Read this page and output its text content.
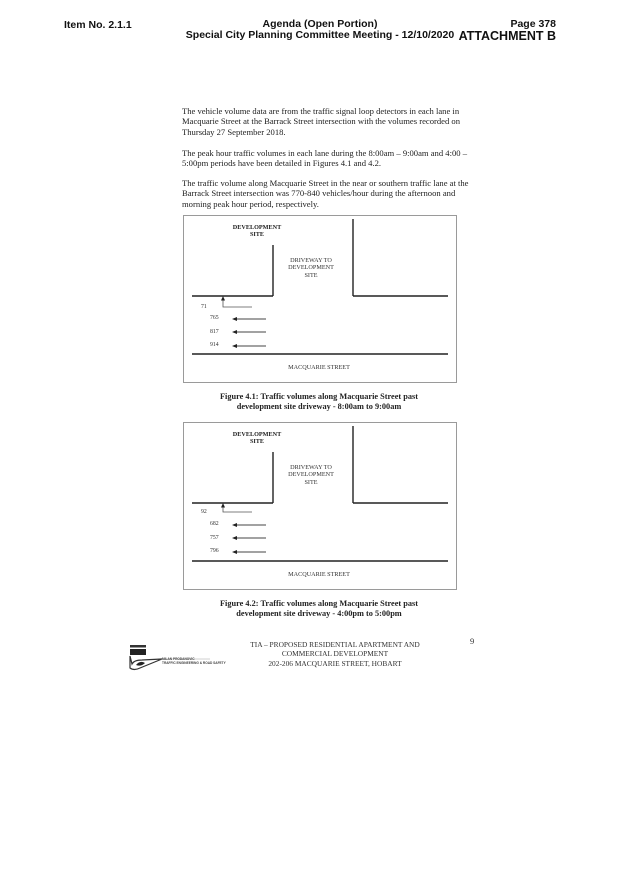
Item No. 2.1.1	Agenda (Open Portion)
Special City Planning Committee Meeting - 12/10/2020
Page 378
ATTACHMENT B

The vehicle volume data are from the traffic signal loop detectors in each lane in Macquarie Street at the Barrack Street intersection with the volumes recorded on Thursday 27 September 2018.

The peak hour traffic volumes in each lane during the 8:00am – 9:00am and 4:00 – 5:00pm periods have been detailed in Figures 4.1 and 4.2.

The traffic volume along Macquarie Street in the near or southern traffic lane at the Barrack Street intersection was 770-840 vehicles/hour during the afternoon and morning peak hour period, respectively.

DEVELOPMENT
SITE
DRIVEWAY TO
DEVELOPMENT
SITE
71
765
817
914
MACQUARIE STREET
Figure 4.1: Traffic volumes along Macquarie Street past
development site driveway - 8:00am to 9:00am
DEVELOPMENT
SITE
DRIVEWAY TO
DEVELOPMENT
SITE
92
682
757
796
MACQUARIE STREET
Figure 4.2: Traffic volumes along Macquarie Street past
development site driveway - 4:00pm to 5:00pm
MILAN PRODANOVIC
TRAFFIC ENGINEERING & ROAD SAFETY
TIA – PROPOSED RESIDENTIAL APARTMENT AND
COMMERCIAL DEVELOPMENT
202-206 MACQUARIE STREET, HOBART
9
